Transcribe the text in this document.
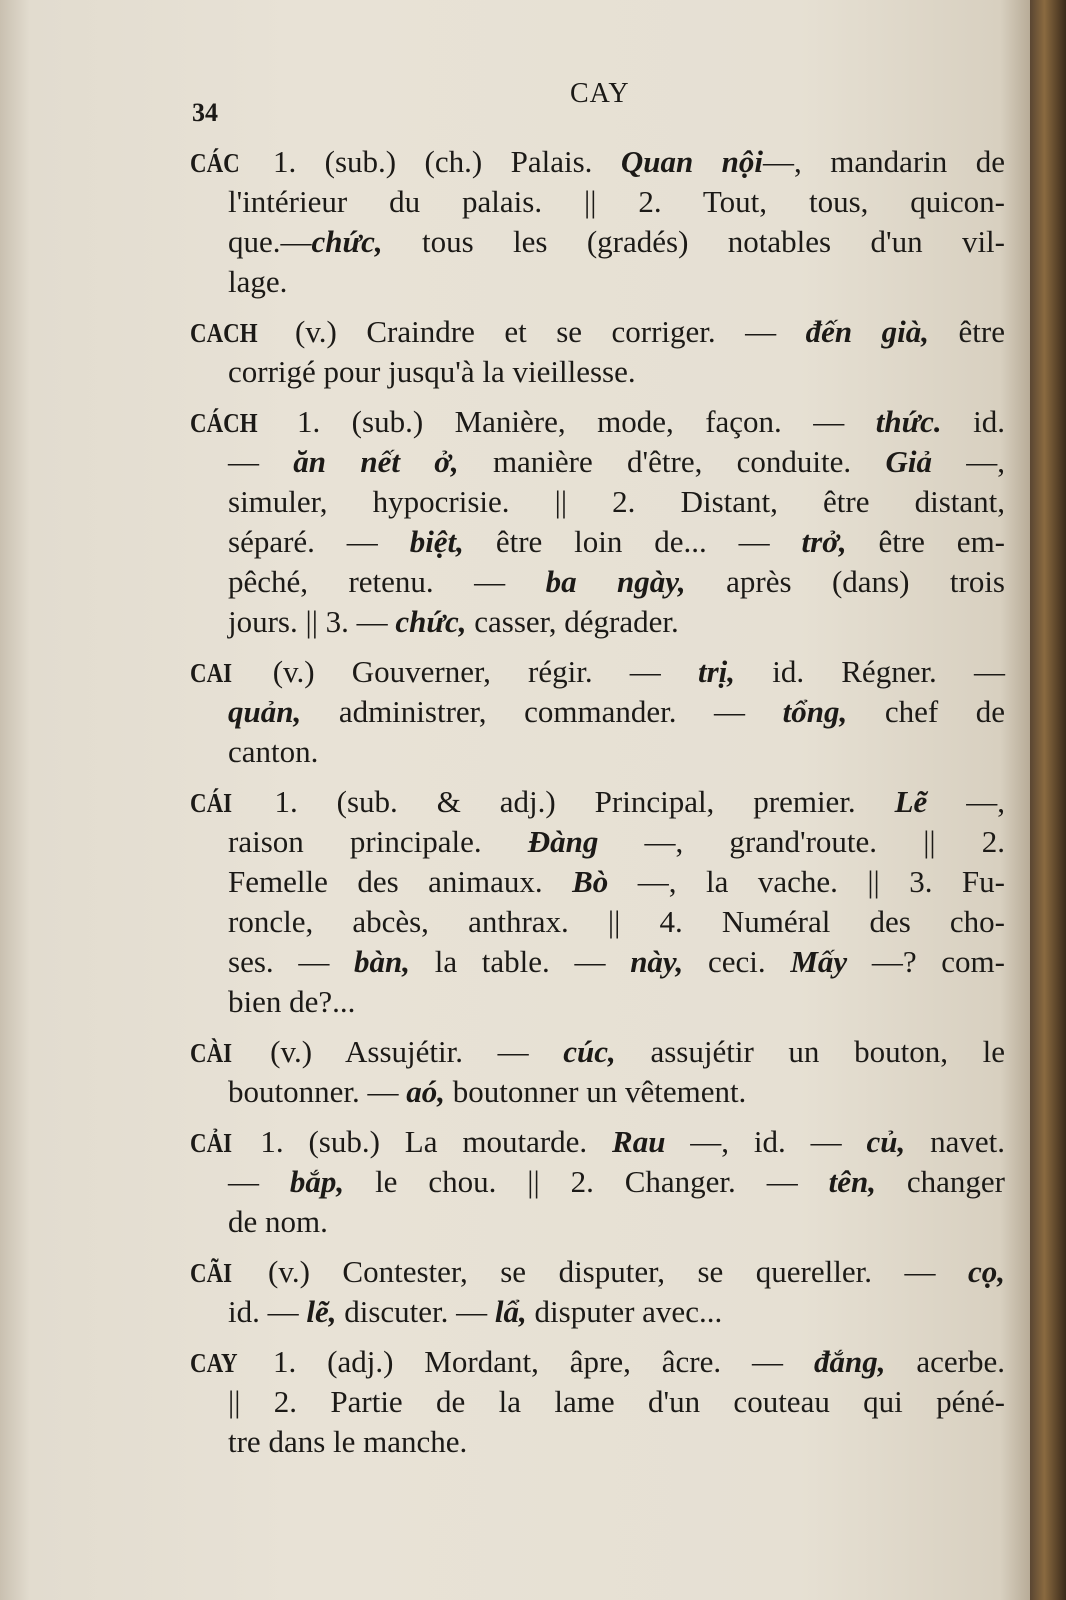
34
CAY
CÁC 1. (sub.) (ch.) Palais. Quan nội—, mandarin de
l'intérieur du palais. || 2. Tout, tous, quicon-
que.—chức, tous les (gradés) notables d'un vil-
lage.
CACH (v.) Craindre et se corriger. — đến già, être
corrigé pour jusqu'à la vieillesse.
CÁCH 1. (sub.) Manière, mode, façon. — thức. id.
— ăn nết ở, manière d'être, conduite. Giả —,
simuler, hypocrisie. || 2. Distant, être distant,
séparé. — biệt, être loin de... — trở, être em-
pêché, retenu. — ba ngày, après (dans) trois
jours. || 3. — chức, casser, dégrader.
CAI (v.) Gouverner, régir. — trị, id. Régner. —
quản, administrer, commander. — tổng, chef de
canton.
CÁI 1. (sub. & adj.) Principal, premier. Lẽ —,
raison principale. Đàng —, grand'route. || 2.
Femelle des animaux. Bò —, la vache. || 3. Fu-
roncle, abcès, anthrax. || 4. Numéral des cho-
ses. — bàn, la table. — này, ceci. Mấy —? com-
bien de?...
CÀI (v.) Assujétir. — cúc, assujétir un bouton, le
boutonner. — aó, boutonner un vêtement.
CẢI 1. (sub.) La moutarde. Rau —, id. — củ, navet.
— bắp, le chou. || 2. Changer. — tên, changer
de nom.
CÃI (v.) Contester, se disputer, se quereller. — cọ,
id. — lẽ, discuter. — lẩ, disputer avec...
CAY 1. (adj.) Mordant, âpre, âcre. — đắng, acerbe.
|| 2. Partie de la lame d'un couteau qui péné-
tre dans le manche.
